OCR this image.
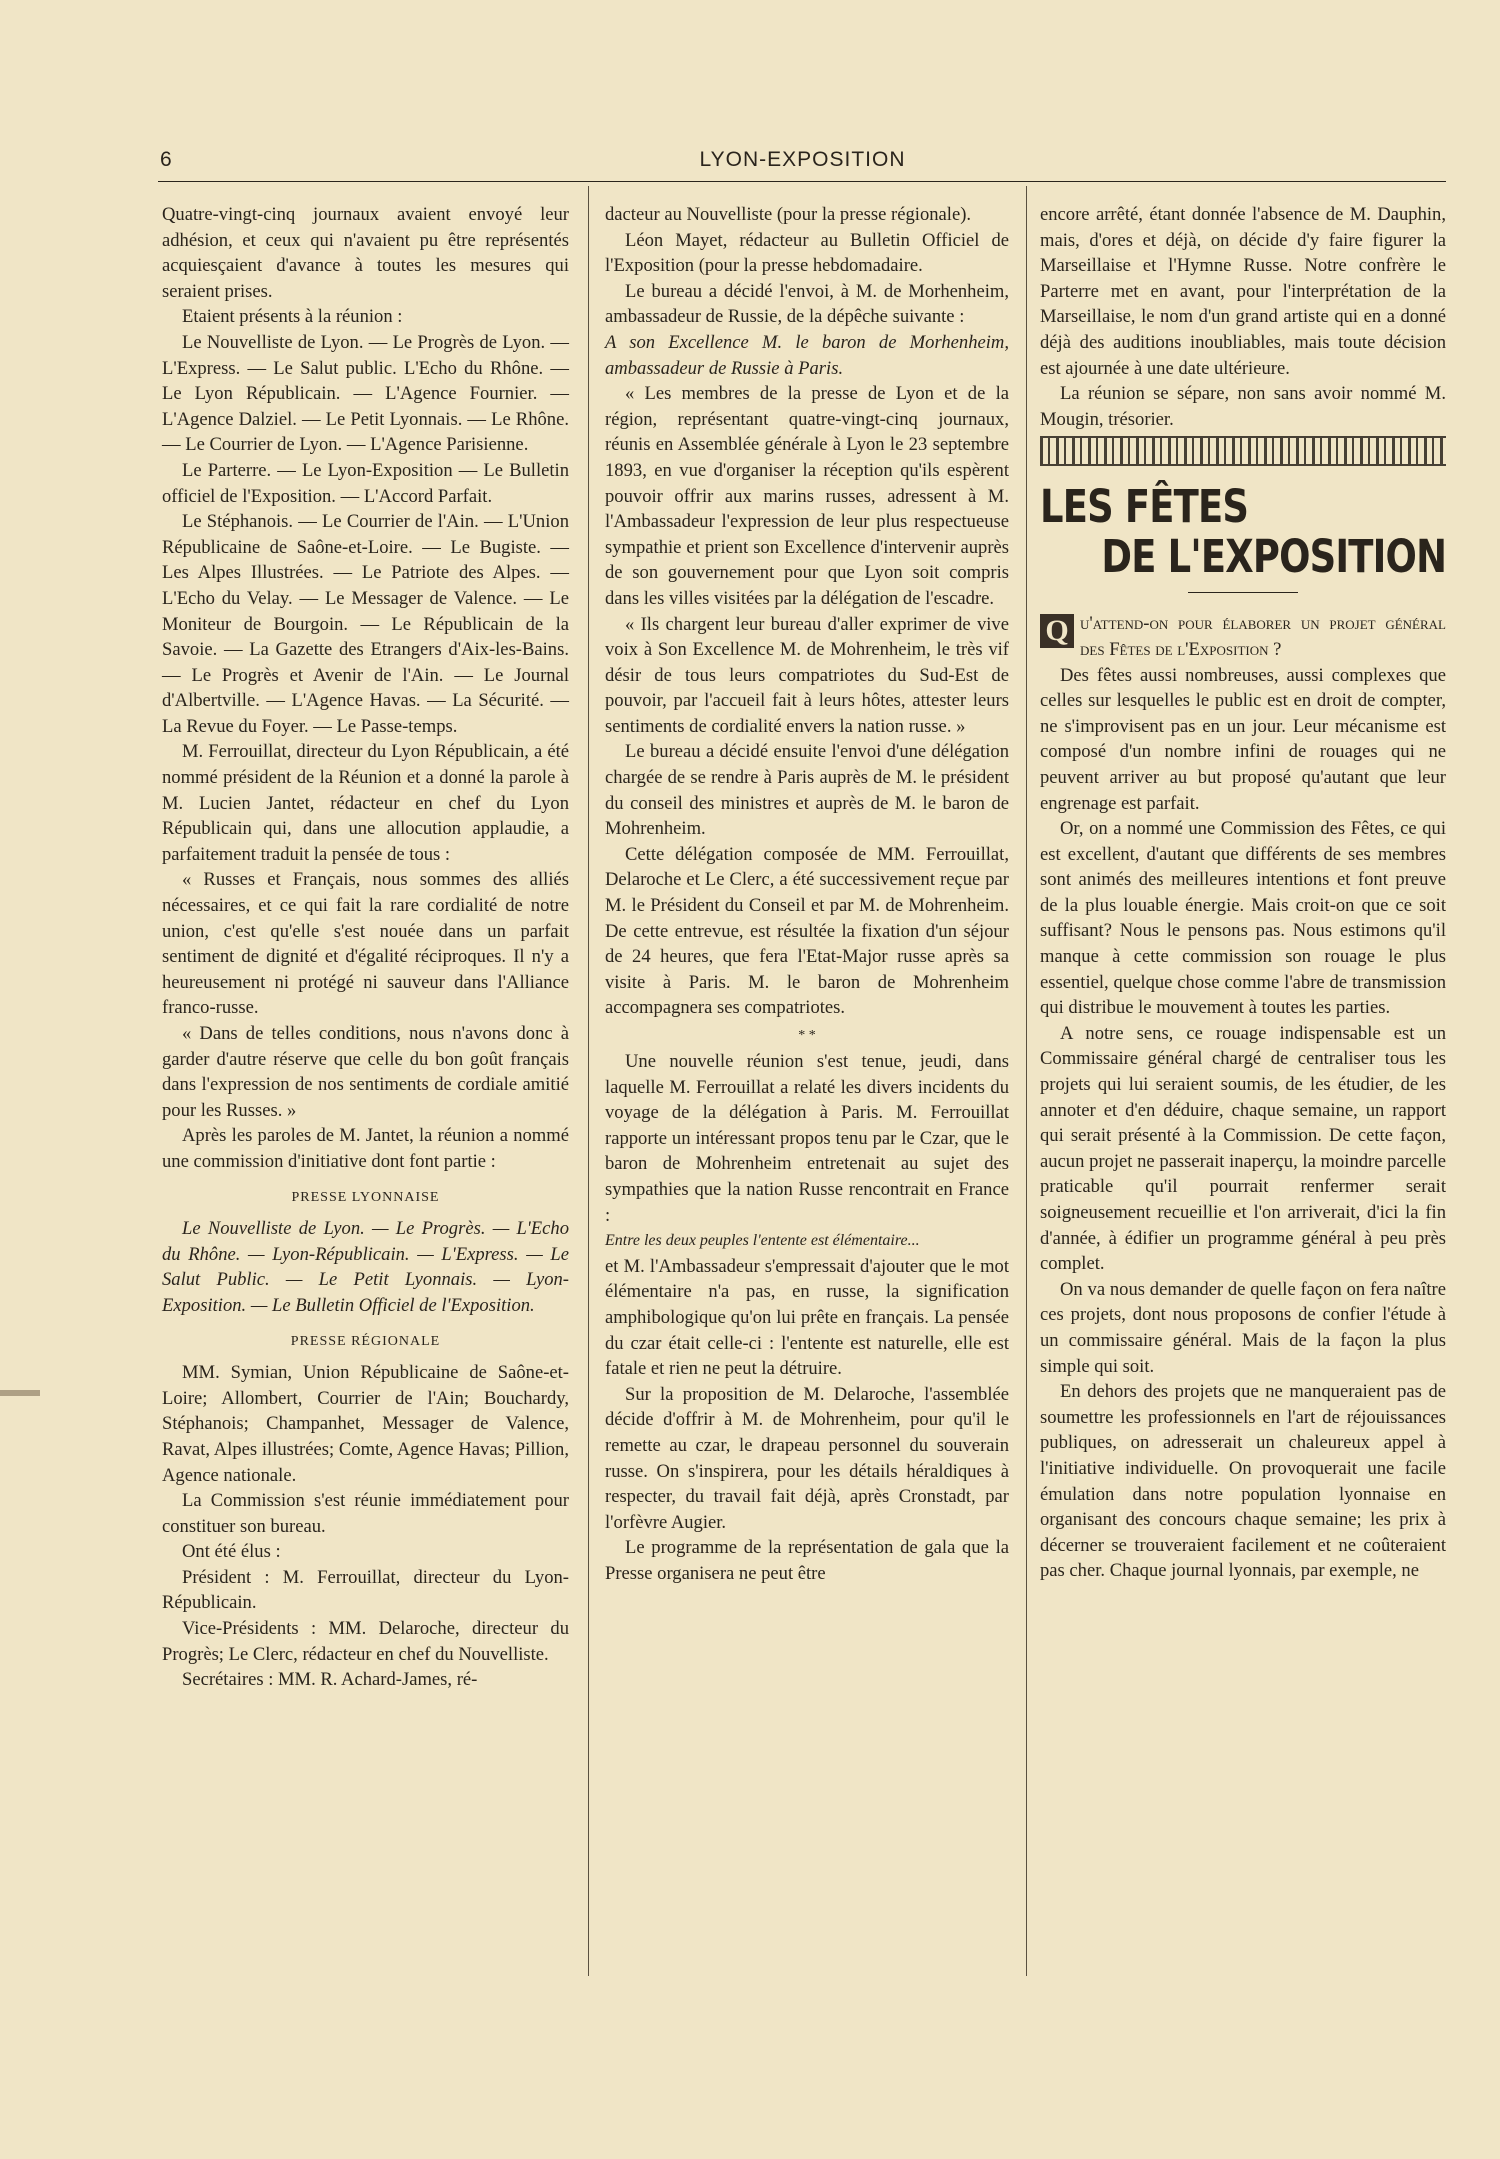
6	LYON-EXPOSITION

Quatre-vingt-cinq journaux avaient envoyé leur adhésion, et ceux qui n'avaient pu être représentés acquiesçaient d'avance à toutes les mesures qui seraient prises.

Etaient présents à la réunion :

Le Nouvelliste de Lyon. — Le Progrès de Lyon. — L'Express. — Le Salut public. L'Echo du Rhône. — Le Lyon Républicain. — L'Agence Fournier. — L'Agence Dalziel. — Le Petit Lyonnais. — Le Rhône. — Le Courrier de Lyon. — L'Agence Parisienne.

Le Parterre. — Le Lyon-Exposition — Le Bulletin officiel de l'Exposition. — L'Accord Parfait.

Le Stéphanois. — Le Courrier de l'Ain. — L'Union Républicaine de Saône-et-Loire. — Le Bugiste. — Les Alpes Illustrées. — Le Patriote des Alpes. — L'Echo du Velay. — Le Messager de Valence. — Le Moniteur de Bourgoin. — Le Républicain de la Savoie. — La Gazette des Etrangers d'Aix-les-Bains. — Le Progrès et Avenir de l'Ain. — Le Journal d'Albertville. — L'Agence Havas. — La Sécurité. — La Revue du Foyer. — Le Passe-temps.

M. Ferrouillat, directeur du Lyon Républicain, a été nommé président de la Réunion et a donné la parole à M. Lucien Jantet, rédacteur en chef du Lyon Républicain qui, dans une allocution applaudie, a parfaitement traduit la pensée de tous :

« Russes et Français, nous sommes des alliés nécessaires, et ce qui fait la rare cordialité de notre union, c'est qu'elle s'est nouée dans un parfait sentiment de dignité et d'égalité réciproques. Il n'y a heureusement ni protégé ni sauveur dans l'Alliance franco-russe.

« Dans de telles conditions, nous n'avons donc à garder d'autre réserve que celle du bon goût français dans l'expression de nos sentiments de cordiale amitié pour les Russes. »

Après les paroles de M. Jantet, la réunion a nommé une commission d'initiative dont font partie :

PRESSE LYONNAISE

Le Nouvelliste de Lyon. — Le Progrès. — L'Echo du Rhône. — Lyon-Républicain. — L'Express. — Le Salut Public. — Le Petit Lyonnais. — Lyon-Exposition. — Le Bulletin Officiel de l'Exposition.

PRESSE RÉGIONALE

MM. Symian, Union Républicaine de Saône-et-Loire; Allombert, Courrier de l'Ain; Bouchardy, Stéphanois; Champanhet, Messager de Valence, Ravat, Alpes illustrées; Comte, Agence Havas; Pillion, Agence nationale.

La Commission s'est réunie immédiatement pour constituer son bureau.

Ont été élus :

Président : M. Ferrouillat, directeur du Lyon-Républicain.

Vice-Présidents : MM. Delaroche, directeur du Progrès; Le Clerc, rédacteur en chef du Nouvelliste.

Secrétaires : MM. R. Achard-James, ré-

dacteur au Nouvelliste (pour la presse régionale).

Léon Mayet, rédacteur au Bulletin Officiel de l'Exposition (pour la presse hebdomadaire.

Le bureau a décidé l'envoi, à M. de Morhenheim, ambassadeur de Russie, de la dépêche suivante :

A son Excellence M. le baron de Morhenheim, ambassadeur de Russie à Paris.

« Les membres de la presse de Lyon et de la région, représentant quatre-vingt-cinq journaux, réunis en Assemblée générale à Lyon le 23 septembre 1893, en vue d'organiser la réception qu'ils espèrent pouvoir offrir aux marins russes, adressent à M. l'Ambassadeur l'expression de leur plus respectueuse sympathie et prient son Excellence d'intervenir auprès de son gouvernement pour que Lyon soit compris dans les villes visitées par la délégation de l'escadre.

« Ils chargent leur bureau d'aller exprimer de vive voix à Son Excellence M. de Mohrenheim, le très vif désir de tous leurs compatriotes du Sud-Est de pouvoir, par l'accueil fait à leurs hôtes, attester leurs sentiments de cordialité envers la nation russe. »

Le bureau a décidé ensuite l'envoi d'une délégation chargée de se rendre à Paris auprès de M. le président du conseil des ministres et auprès de M. le baron de Mohrenheim.

Cette délégation composée de MM. Ferrouillat, Delaroche et Le Clerc, a été successivement reçue par M. le Président du Conseil et par M. de Mohrenheim. De cette entrevue, est résultée la fixation d'un séjour de 24 heures, que fera l'Etat-Major russe après sa visite à Paris. M. le baron de Mohrenheim accompagnera ses compatriotes.

* *

Une nouvelle réunion s'est tenue, jeudi, dans laquelle M. Ferrouillat a relaté les divers incidents du voyage de la délégation à Paris. M. Ferrouillat rapporte un intéressant propos tenu par le Czar, que le baron de Mohrenheim entretenait au sujet des sympathies que la nation Russe rencontrait en France :

Entre les deux peuples l'entente est élémentaire...

et M. l'Ambassadeur s'empressait d'ajouter que le mot élémentaire n'a pas, en russe, la signification amphibologique qu'on lui prête en français. La pensée du czar était celle-ci : l'entente est naturelle, elle est fatale et rien ne peut la détruire.

Sur la proposition de M. Delaroche, l'assemblée décide d'offrir à M. de Mohrenheim, pour qu'il le remette au czar, le drapeau personnel du souverain russe. On s'inspirera, pour les détails héraldiques à respecter, du travail fait déjà, après Cronstadt, par l'orfèvre Augier.

Le programme de la représentation de gala que la Presse organisera ne peut être

encore arrêté, étant donnée l'absence de M. Dauphin, mais, d'ores et déjà, on décide d'y faire figurer la Marseillaise et l'Hymne Russe. Notre confrère le Parterre met en avant, pour l'interprétation de la Marseillaise, le nom d'un grand artiste qui en a donné déjà des auditions inoubliables, mais toute décision est ajournée à une date ultérieure.

La réunion se sépare, non sans avoir nommé M. Mougin, trésorier.

LES FÊTES
DE L'EXPOSITION

Q u'attend-on pour élaborer un projet général des Fêtes de l'Exposition ?

Des fêtes aussi nombreuses, aussi complexes que celles sur lesquelles le public est en droit de compter, ne s'improvisent pas en un jour. Leur mécanisme est composé d'un nombre infini de rouages qui ne peuvent arriver au but proposé qu'autant que leur engrenage est parfait.

Or, on a nommé une Commission des Fêtes, ce qui est excellent, d'autant que différents de ses membres sont animés des meilleures intentions et font preuve de la plus louable énergie. Mais croit-on que ce soit suffisant? Nous le pensons pas. Nous estimons qu'il manque à cette commission son rouage le plus essentiel, quelque chose comme l'abre de transmission qui distribue le mouvement à toutes les parties.

A notre sens, ce rouage indispensable est un Commissaire général chargé de centraliser tous les projets qui lui seraient soumis, de les étudier, de les annoter et d'en déduire, chaque semaine, un rapport qui serait présenté à la Commission. De cette façon, aucun projet ne passerait inaperçu, la moindre parcelle praticable qu'il pourrait renfermer serait soigneusement recueillie et l'on arriverait, d'ici la fin d'année, à édifier un programme général à peu près complet.

On va nous demander de quelle façon on fera naître ces projets, dont nous proposons de confier l'étude à un commissaire général. Mais de la façon la plus simple qui soit.

En dehors des projets que ne manqueraient pas de soumettre les professionnels en l'art de réjouissances publiques, on adresserait un chaleureux appel à l'initiative individuelle. On provoquerait une facile émulation dans notre population lyonnaise en organisant des concours chaque semaine; les prix à décerner se trouveraient facilement et ne coûteraient pas cher. Chaque journal lyonnais, par exemple, ne
